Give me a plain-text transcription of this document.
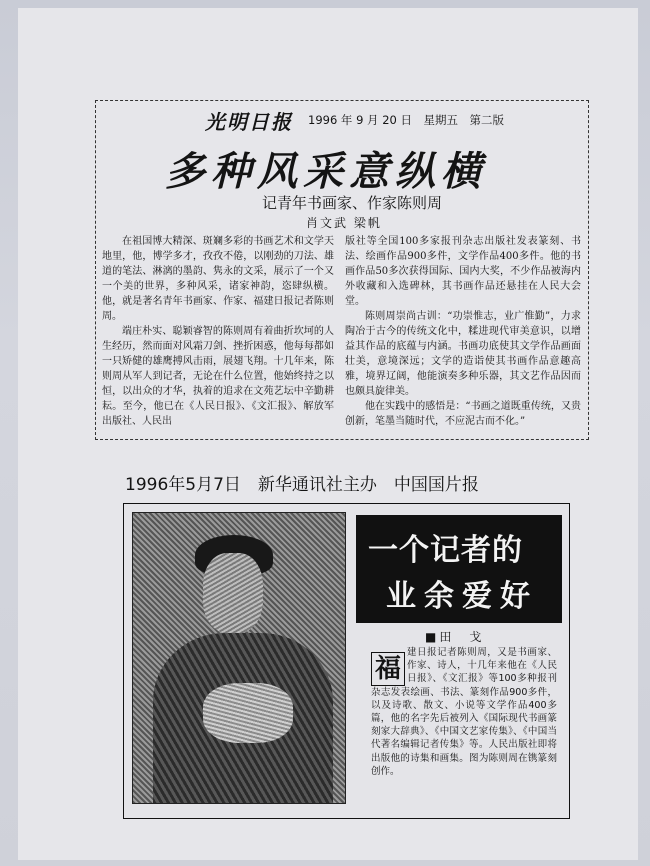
光明日报 1996 年 9 月 20 日　星期五　第二版
多种风采意纵横
记青年书画家、作家陈则周
肖文武 梁帆

在祖国博大精深、斑斓多彩的书画艺术和文学天地里，他，博学多才，孜孜不倦，以刚劲的刀法、雄道的笔法、淋漓的墨韵、隽永的文采，展示了一个又一个美的世界，多种风采，诸家神韵，恣肆纵横。他，就是著名青年书画家、作家、福建日报记者陈则周。

端庄朴实、聪颖睿智的陈则周有着曲折坎坷的人生经历，然而面对风霜刀剑、挫折困惑，他每每都如一只矫健的雄鹰搏风击雨，展翅飞翔。十几年来，陈则周从军人到记者，无论在什么位置，他始终持之以恒，以出众的才华，执着的追求在文苑艺坛中辛勤耕耘。至今，他已在《人民日报》、《文汇报》、解放军出版社、人民出

版社等全国100多家报刊杂志出版社发表篆刻、书法、绘画作品900多件，文学作品400多件。他的书画作品50多次获得国际、国内大奖，不少作品被海内外收藏和入选碑林，其书画作品还悬挂在人民大会堂。

陈则周崇尚古训：“功崇惟志，业广惟勤”，力求陶冶于古今的传统文化中，糅进现代审美意识，以增益其作品的底蕴与内涵。书画功底使其文学作品画面壮美，意境深远；文学的造诣使其书画作品意趣高雅，境界辽阔，他能演奏多种乐器，其文艺作品因而也颇具旋律美。

他在实践中的感悟是：“书画之道既重传统，又贵创新，笔墨当随时代，不应泥古而不化。”

1996年5月7日　新华通讯社主办　中国国片报
一个记者的
业余爱好
■田　戈
建日报记者陈则周，又是书画家、作家、诗人，十几年来他在《人民日报》、《文汇报》等100多种报刊杂志发表绘画、书法、篆刻作品900多件，以及诗歌、散文、小说等文学作品400多篇，他的名字先后被列入《国际现代书画篆刻家大辞典》、《中国文艺家传集》、《中国当代著名编辑记者传集》等。人民出版社即将出版他的诗集和画集。图为陈则周在镌篆刻创作。
福
